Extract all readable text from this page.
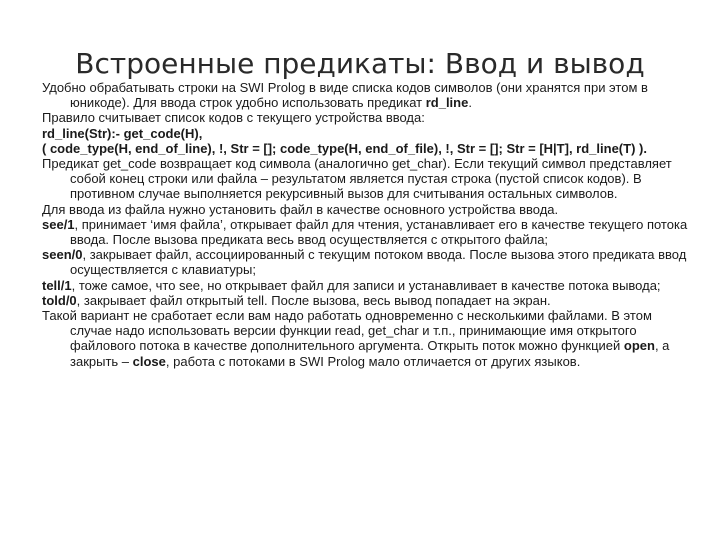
Встроенные предикаты: Ввод и вывод

Удобно обрабатывать строки на SWI Prolog в виде списка кодов символов (они хранятся при этом в юникоде). Для ввода строк удобно использовать предикат rd_line.

Правило считывает список кодов с текущего устройства ввода:

rd_line(Str):- get_code(H),

( code_type(H, end_of_line), !, Str = []; code_type(H, end_of_file), !, Str = []; Str = [H|T], rd_line(T) ).

Предикат get_code возвращает код символа (аналогично get_char). Если текущий символ представляет собой конец строки или файла – результатом является пустая строка (пустой список кодов). В противном случае выполняется рекурсивный вызов для считывания остальных символов.

Для ввода из файла нужно установить файл в качестве основного устройства ввода.

see/1, принимает ‘имя файла’, открывает файл для чтения, устанавливает его в качестве текущего потока ввода. После вызова предиката весь ввод осуществляется с открытого файла;

seen/0, закрывает файл, ассоциированный с текущим потоком ввода. После вызова этого предиката ввод осуществляется с клавиатуры;

tell/1, тоже самое, что see, но открывает файл для записи и устанавливает в качестве потока вывода;

told/0, закрывает файл открытый tell. После вызова, весь вывод попадает на экран.

Такой вариант не сработает если вам надо работать одновременно с несколькими файлами. В этом случае надо использовать версии функции read, get_char и т.п., принимающие имя открытого файлового потока в качестве дополнительного аргумента. Открыть поток можно функцией open, а закрыть – close, работа с потоками в SWI Prolog мало отличается от других языков.
